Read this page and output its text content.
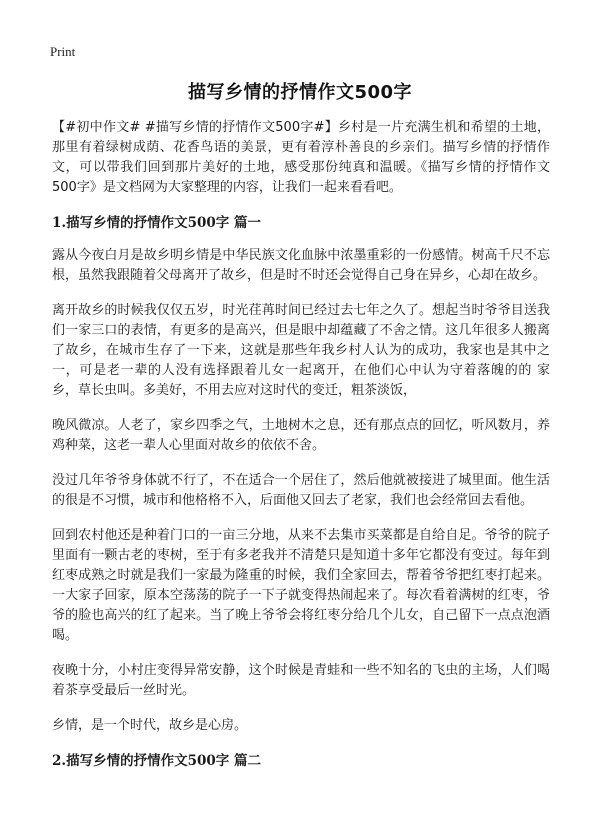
Print
描写乡情的抒情作文500字

【#初中作文# #描写乡情的抒情作文500字#】乡村是一片充满生机和希望的土地，那里有着绿树成荫、花香鸟语的美景，更有着淳朴善良的乡亲们。描写乡情的抒情作文，可以带我们回到那片美好的土地，感受那份纯真和温暖。《描写乡情的抒情作文500字》是文档网为大家整理的内容，让我们一起来看看吧。

1.描写乡情的抒情作文500字 篇一

露从今夜白月是故乡明乡情是中华民族文化血脉中浓墨重彩的一份感情。树高千尺不忘根，虽然我跟随着父母离开了故乡，但是时不时还会觉得自己身在异乡，心却在故乡。

离开故乡的时候我仅仅五岁，时光荏苒时间已经过去七年之久了。想起当时爷爷目送我们一家三口的表情，有更多的是高兴，但是眼中却蕴藏了不舍之情。这几年很多人搬离了故乡，在城市生存了一下来，这就是那些年我乡村人认为的成功，我家也是其中之一，可是老一辈的人没有选择跟着儿女一起离开，在他们心中认为守着落魄的的 家乡，草长虫叫。多美好，不用去应对这时代的变迁，粗茶淡饭，

晚风微凉。人老了，家乡四季之气，土地树木之息，还有那点点的回忆，听风数月，养鸡种菜，这老一辈人心里面对故乡的依依不舍。

没过几年爷爷身体就不行了，不在适合一个居住了，然后他就被接进了城里面。他生活的很是不习惯，城市和他格格不入，后面他又回去了老家，我们也会经常回去看他。

回到农村他还是种着门口的一亩三分地，从来不去集市买菜都是自给自足。爷爷的院子里面有一颗古老的枣树，至于有多老我并不清楚只是知道十多年它都没有变过。每年到红枣成熟之时就是我们一家最为隆重的时候，我们全家回去，帮着爷爷把红枣打起来。一大家子回家，原本空荡荡的院子一下子就变得热闹起来了。每次看着满树的红枣，爷爷的脸也高兴的红了起来。当了晚上爷爷会将红枣分给几个儿女，自己留下一点点泡酒喝。

夜晚十分，小村庄变得异常安静，这个时候是青蛙和一些不知名的飞虫的主场，人们喝着茶享受最后一丝时光。

乡情，是一个时代，故乡是心房。

2.描写乡情的抒情作文500字 篇二
